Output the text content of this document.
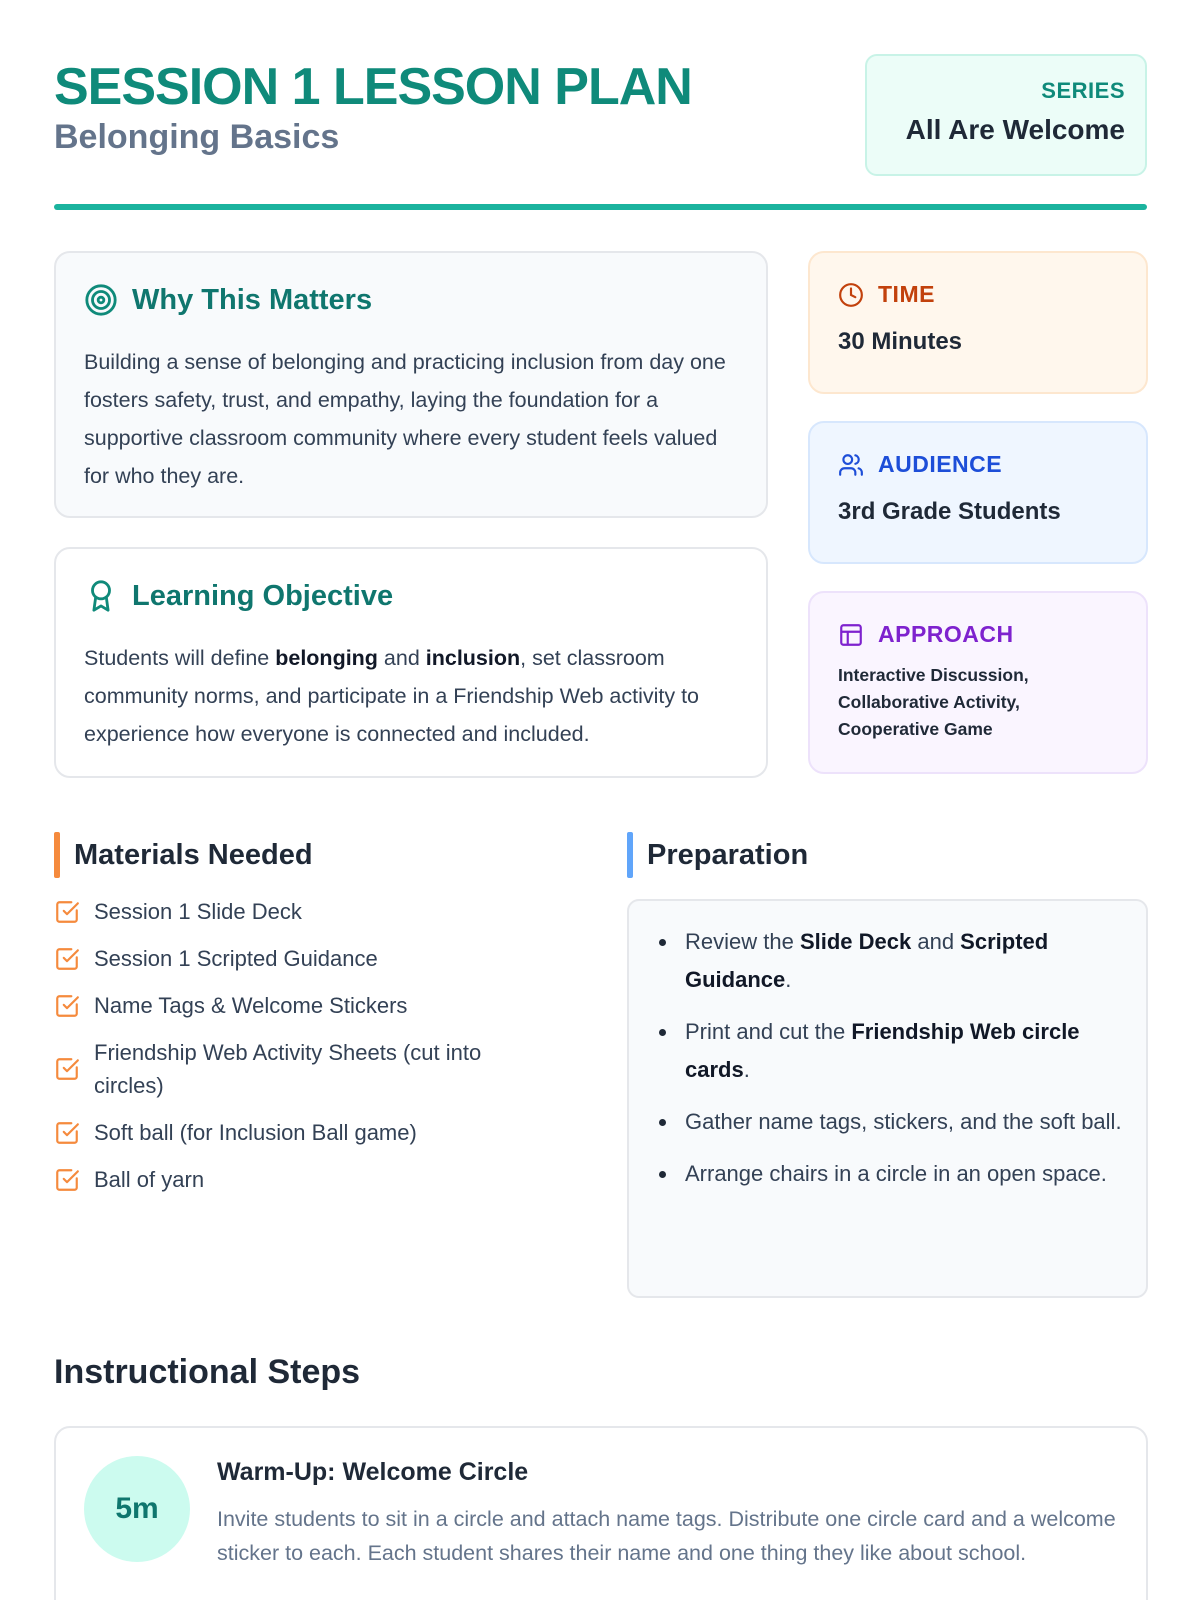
SESSION 1 LESSON PLAN
Belonging Basics
SERIES
All Are Welcome
Why This Matters
Building a sense of belonging and practicing inclusion from day one fosters safety, trust, and empathy, laying the foundation for a supportive classroom community where every student feels valued for who they are.
Learning Objective
Students will define belonging and inclusion, set classroom community norms, and participate in a Friendship Web activity to experience how everyone is connected and included.
TIME
30 Minutes
AUDIENCE
3rd Grade Students
APPROACH
Interactive Discussion,
Collaborative Activity,
Cooperative Game
Materials Needed
Session 1 Slide Deck
Session 1 Scripted Guidance
Name Tags & Welcome Stickers
Friendship Web Activity Sheets (cut into circles)
Soft ball (for Inclusion Ball game)
Ball of yarn
Preparation
Review the Slide Deck and Scripted Guidance.
Print and cut the Friendship Web circle cards.
Gather name tags, stickers, and the soft ball.
Arrange chairs in a circle in an open space.
Instructional Steps
5m
Warm-Up: Welcome Circle
Invite students to sit in a circle and attach name tags. Distribute one circle card and a welcome sticker to each. Each student shares their name and one thing they like about school.
